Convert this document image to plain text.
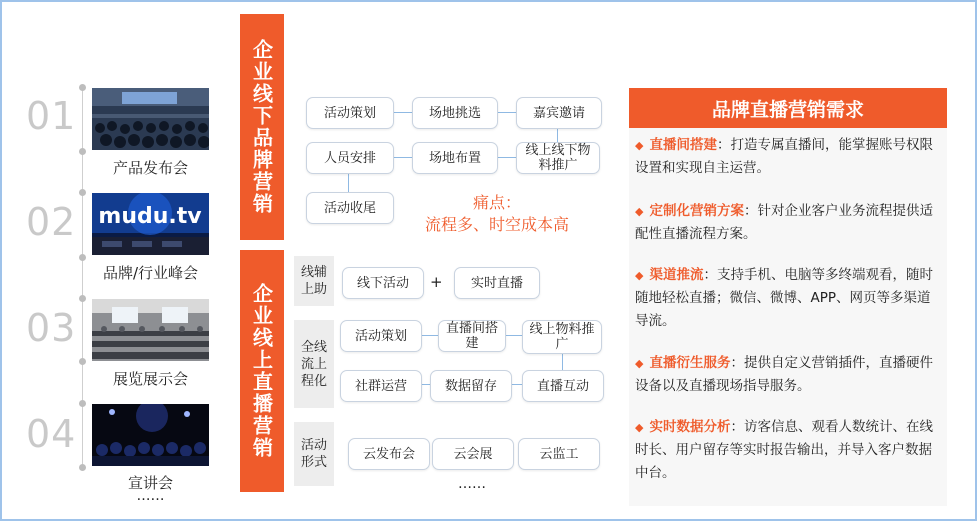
01
02
03
04
产品发布会
mudu.tv
品牌/行业峰会
展览展示会
宣讲会
……
企业线下品牌营销	活动策划	场地挑选	嘉宾邀请
人员安排	场地布置	线上线下物料推广
活动收尾	痛点：
流程多、时空成本高
企业线上直播营销
线辅上助	线下活动	+	实时直播
全线流上程化
活动策划	直播间搭建
线上物料推广
社群运营	数据留存	直播互动
活动形式
云发布会	云会展	云监工
……
品牌直播营销需求
◆ 直播间搭建：打造专属直播间，能掌握账号权限设置和实现自主运营。
◆ 定制化营销方案：针对企业客户业务流程提供适配性直播流程方案。
◆ 渠道推流：支持手机、电脑等多终端观看，随时随地轻松直播；微信、微博、APP、网页等多渠道导流。
◆ 直播衍生服务：提供自定义营销插件，直播硬件设备以及直播现场指导服务。
◆ 实时数据分析：访客信息、观看人数统计、在线时长、用户留存等实时报告输出，并导入客户数据中台。
